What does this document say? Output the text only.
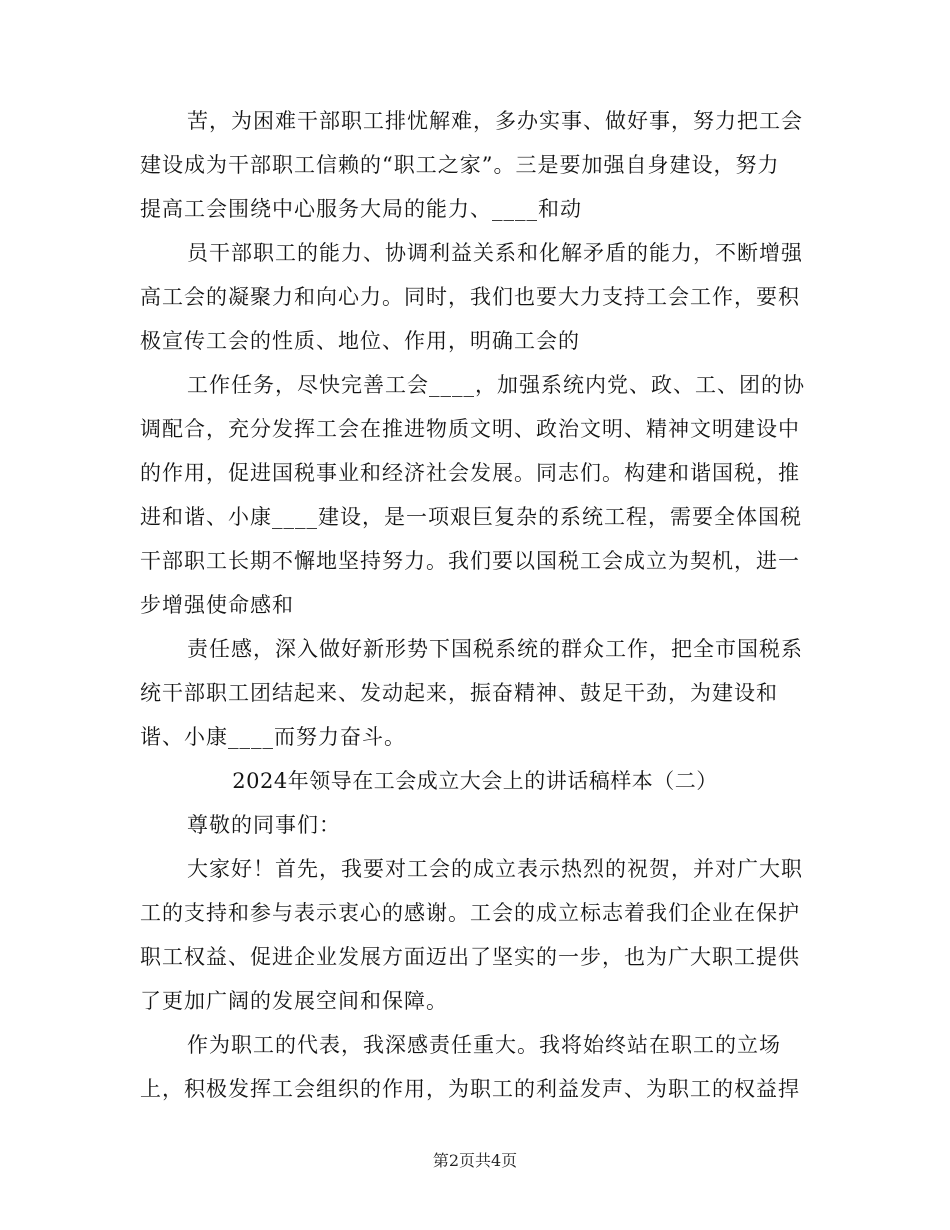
苦，为困难干部职工排忧解难，多办实事、做好事，努力把工会
建设成为干部职工信赖的“职工之家”。三是要加强自身建设，努力
提高工会围绕中心服务大局的能力、____和动
员干部职工的能力、协调利益关系和化解矛盾的能力，不断增强
高工会的凝聚力和向心力。同时，我们也要大力支持工会工作，要积
极宣传工会的性质、地位、作用，明确工会的
工作任务，尽快完善工会____，加强系统内党、政、工、团的协
调配合，充分发挥工会在推进物质文明、政治文明、精神文明建设中
的作用，促进国税事业和经济社会发展。同志们。构建和谐国税，推
进和谐、小康____建设，是一项艰巨复杂的系统工程，需要全体国税
干部职工长期不懈地坚持努力。我们要以国税工会成立为契机，进一
步增强使命感和
责任感，深入做好新形势下国税系统的群众工作，把全市国税系
统干部职工团结起来、发动起来，振奋精神、鼓足干劲，为建设和
谐、小康____而努力奋斗。
2024年领导在工会成立大会上的讲话稿样本（二）
尊敬的同事们：
大家好！首先，我要对工会的成立表示热烈的祝贺，并对广大职
工的支持和参与表示衷心的感谢。工会的成立标志着我们企业在保护
职工权益、促进企业发展方面迈出了坚实的一步，也为广大职工提供
了更加广阔的发展空间和保障。
作为职工的代表，我深感责任重大。我将始终站在职工的立场
上，积极发挥工会组织的作用，为职工的利益发声、为职工的权益捍
第2页共4页
